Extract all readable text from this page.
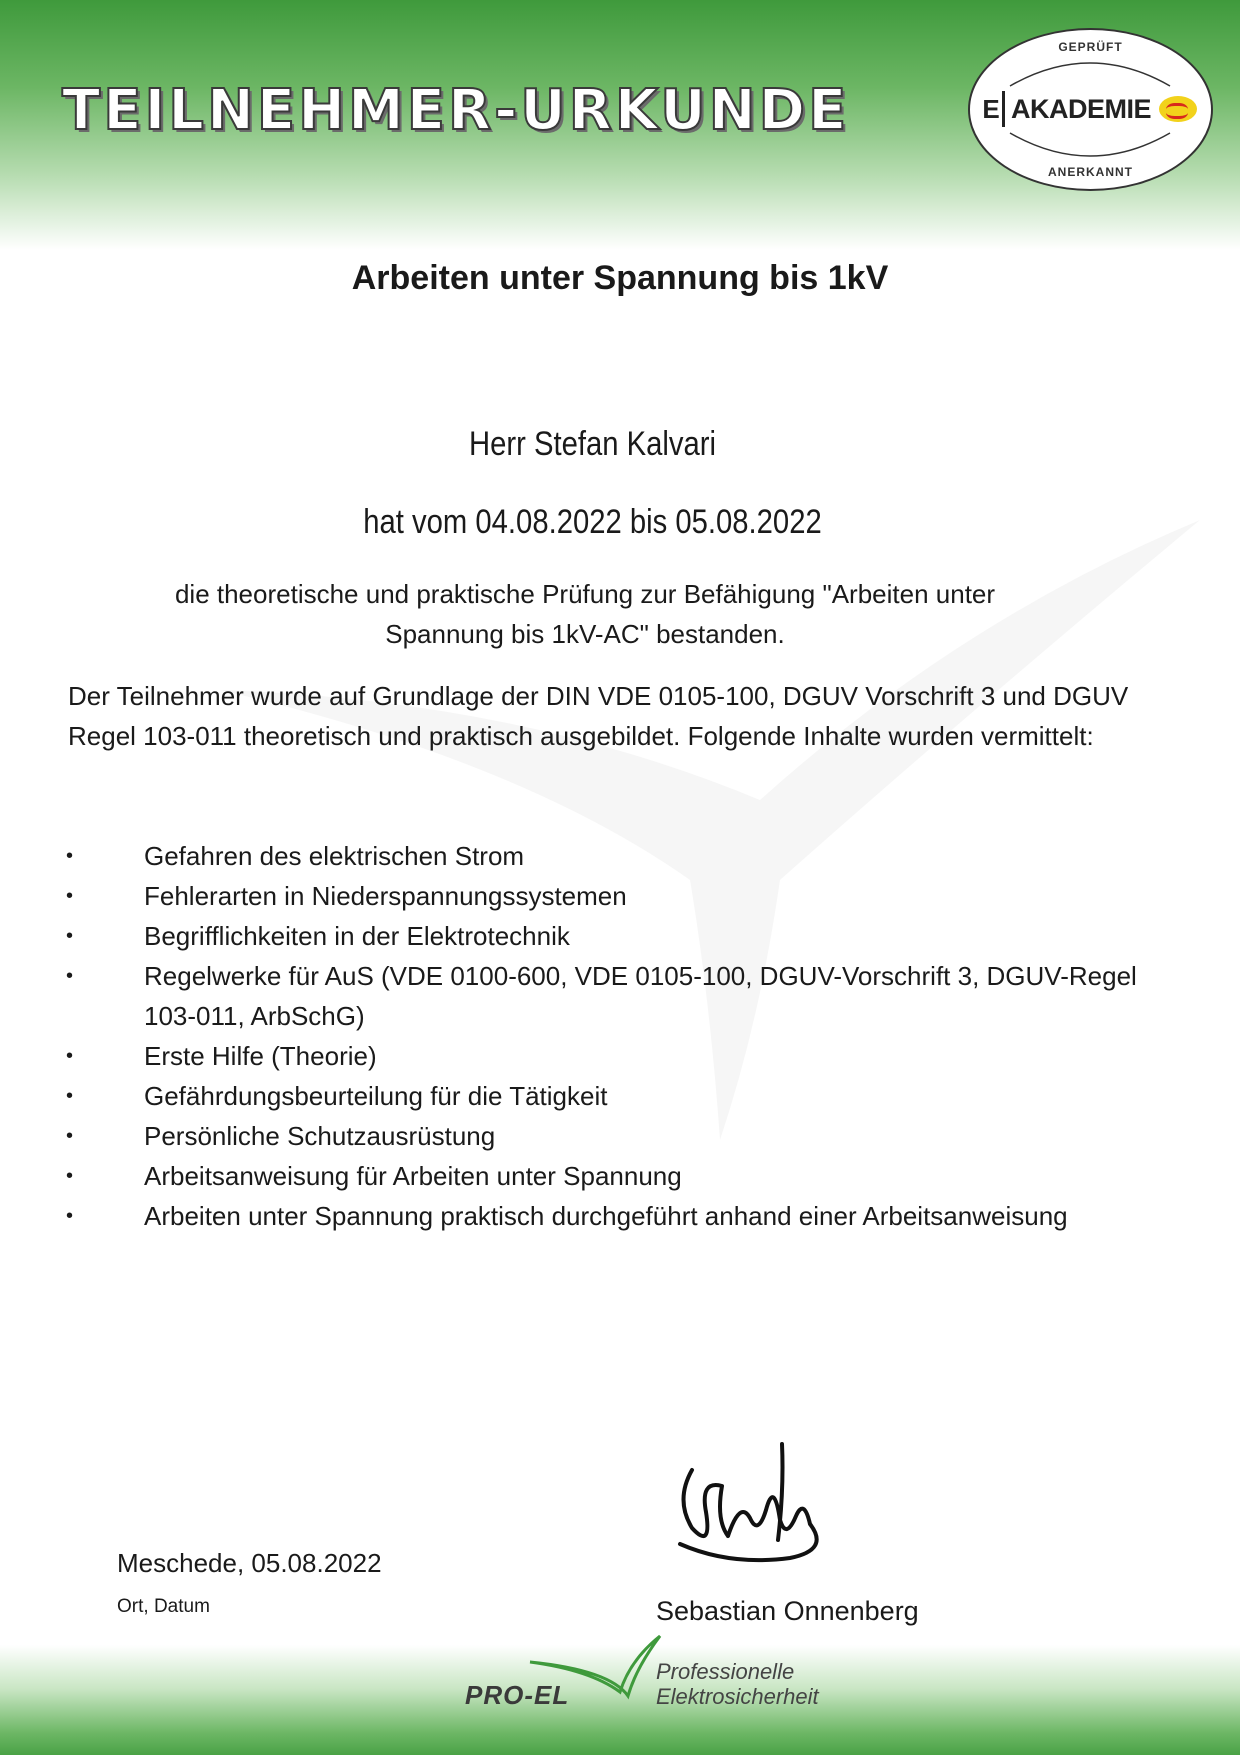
TEILNEHMER-URKUNDE
GEPRÜFT
E AKADEMIE
ANERKANNT
Arbeiten unter Spannung bis 1kV
Herr Stefan Kalvari
hat vom 04.08.2022 bis 05.08.2022
die theoretische und praktische Prüfung zur Befähigung "Arbeiten unter
Spannung bis 1kV-AC" bestanden.
Der Teilnehmer wurde auf Grundlage der DIN VDE 0105-100, DGUV Vorschrift 3 und DGUV Regel 103-011 theoretisch und praktisch ausgebildet. Folgende Inhalte wurden vermittelt:
•	Gefahren des elektrischen Strom
•	Fehlerarten in Niederspannungssystemen
•	Begrifflichkeiten in der Elektrotechnik
•	Regelwerke für AuS (VDE 0100-600, VDE 0105-100, DGUV-Vorschrift 3, DGUV-Regel 103-011, ArbSchG)
•	Erste Hilfe (Theorie)
•	Gefährdungsbeurteilung für die Tätigkeit
•	Persönliche Schutzausrüstung
•	Arbeitsanweisung für Arbeiten unter Spannung
•	Arbeiten unter Spannung praktisch durchgeführt anhand einer Arbeitsanweisung
Meschede, 05.08.2022
Ort, Datum	Sebastian Onnenberg
PRO-EL
Professionelle
Elektrosicherheit
